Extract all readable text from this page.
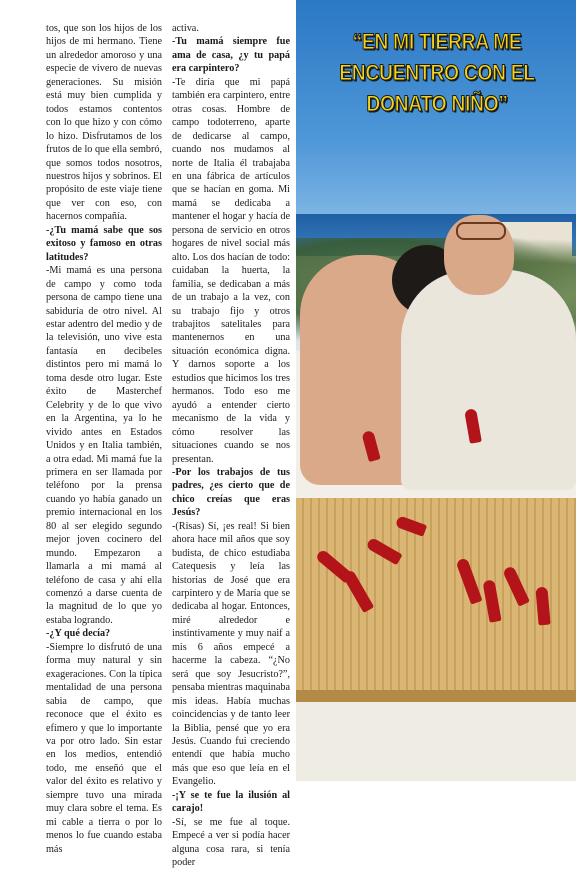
tos, que son los hijos de los hijos de mi hermano. Tiene un alrededor amoroso y una especie de vivero de nuevas generaciones. Su misión está muy bien cumplida y todos estamos contentos con lo que hizo y con cómo lo hizo. Disfrutamos de los frutos de lo que ella sembró, que somos todos nosotros, nuestros hijos y sobrinos. El propósito de este viaje tiene que ver con eso, con hacernos compañía.

-¿Tu mamá sabe que sos exitoso y famoso en otras latitudes?

-Mi mamá es una persona de campo y como toda persona de campo tiene una sabiduría de otro nivel. Al estar adentro del medio y de la televisión, uno vive esta fantasía en decibeles distintos pero mi mamá lo toma desde otro lugar. Este éxito de Masterchef Celebrity y de lo que vivo en la Argentina, ya lo he vivido antes en Estados Unidos y en Italia también, a otra edad. Mi mamá fue la primera en ser llamada por teléfono por la prensa cuando yo había ganado un premio internacional en los 80 al ser elegido segundo mejor joven cocinero del mundo. Empezaron a llamarla a mi mamá al teléfono de casa y ahí ella comenzó a darse cuenta de la magnitud de lo que yo estaba logrando.

-¿Y qué decía?

-Siempre lo disfrutó de una forma muy natural y sin exageraciones. Con la típica mentalidad de una persona sabia de campo, que reconoce que el éxito es efímero y que lo importante va por otro lado. Sin estar en los medios, entendió todo, me enseñó que el valor del éxito es relativo y siempre tuvo una mirada muy clara sobre el tema. Es mi cable a tierra o por lo menos lo fue cuando estaba más

activa.

-Tu mamá siempre fue ama de casa, ¿y tu papá era carpintero?

-Te diría que mi papá también era carpintero, entre otras cosas. Hombre de campo todoterreno, aparte de dedicarse al campo, cuando nos mudamos al norte de Italia él trabajaba en una fábrica de artículos que se hacían en goma. Mi mamá se dedicaba a mantener el hogar y hacía de persona de servicio en otros hogares de nivel social más alto. Los dos hacían de todo: cuidaban la huerta, la familia, se dedicaban a más de un trabajo a la vez, con su trabajo fijo y otros trabajitos satelitales para mantenernos en una situación económica digna. Y darnos soporte a los estudios que hicimos los tres hermanos. Todo eso me ayudó a entender cierto mecanismo de la vida y cómo resolver las situaciones cuando se nos presentan.

-Por los trabajos de tus padres, ¿es cierto que de chico creías que eras Jesús?

-(Risas) Sí, ¡es real! Si bien ahora hace mil años que soy budista, de chico estudiaba Catequesis y leía las historias de José que era carpintero y de María que se dedicaba al hogar. Entonces, miré alrededor e instintivamente y muy naif a mis 6 años empecé a hacerme la cabeza. “¿No será que soy Jesucristo?”, pensaba mientras maquinaba mis ideas. Había muchas coincidencias y de tanto leer la Biblia, pensé que yo era Jesús. Cuando fui creciendo entendí que había mucho más que eso que leía en el Evangelio.

-¡Y se te fue la ilusión al carajo!

-Sí, se me fue al toque. Empecé a ver si podía hacer alguna cosa rara, si tenía poder

“EN MI TIERRA ME ENCUENTRO CON EL DONATO NIÑO”
